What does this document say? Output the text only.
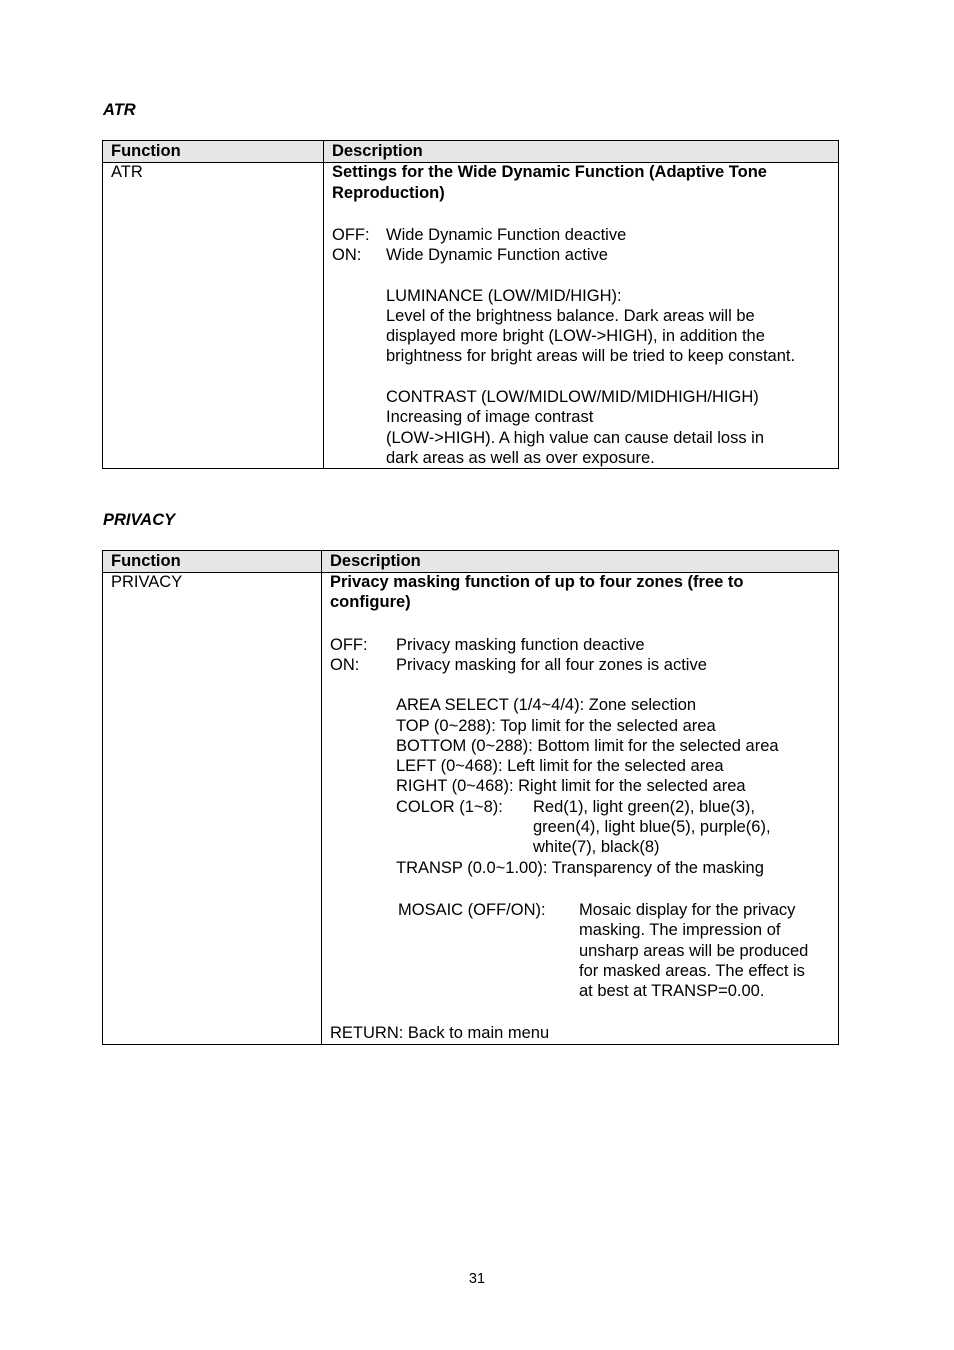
ATR
Function	Description
ATR	Settings for the Wide Dynamic Function (Adaptive Tone
Reproduction)
OFF: Wide Dynamic Function deactive
ON: Wide Dynamic Function active
LUMINANCE (LOW/MID/HIGH):
Level of the brightness balance. Dark areas will be
displayed more bright (LOW->HIGH), in addition the
brightness for bright areas will be tried to keep constant.
CONTRAST (LOW/MIDLOW/MID/MIDHIGH/HIGH)
Increasing of image contrast
(LOW->HIGH). A high value can cause detail loss in
dark areas as well as over exposure.
PRIVACY
Function	Description
PRIVACY	Privacy masking function of up to four zones (free to
configure)
OFF: Privacy masking function deactive
ON: Privacy masking for all four zones is active
AREA SELECT (1/4~4/4): Zone selection
TOP (0~288): Top limit for the selected area
BOTTOM (0~288): Bottom limit for the selected area
LEFT (0~468): Left limit for the selected area
RIGHT (0~468): Right limit for the selected area
COLOR (1~8): Red(1), light green(2), blue(3),
green(4), light blue(5), purple(6),
white(7), black(8)
TRANSP (0.0~1.00): Transparency of the masking
MOSAIC (OFF/ON): Mosaic display for the privacy
masking. The impression of
unsharp areas will be produced
for masked areas. The effect is
at best at TRANSP=0.00.
RETURN: Back to main menu
31
